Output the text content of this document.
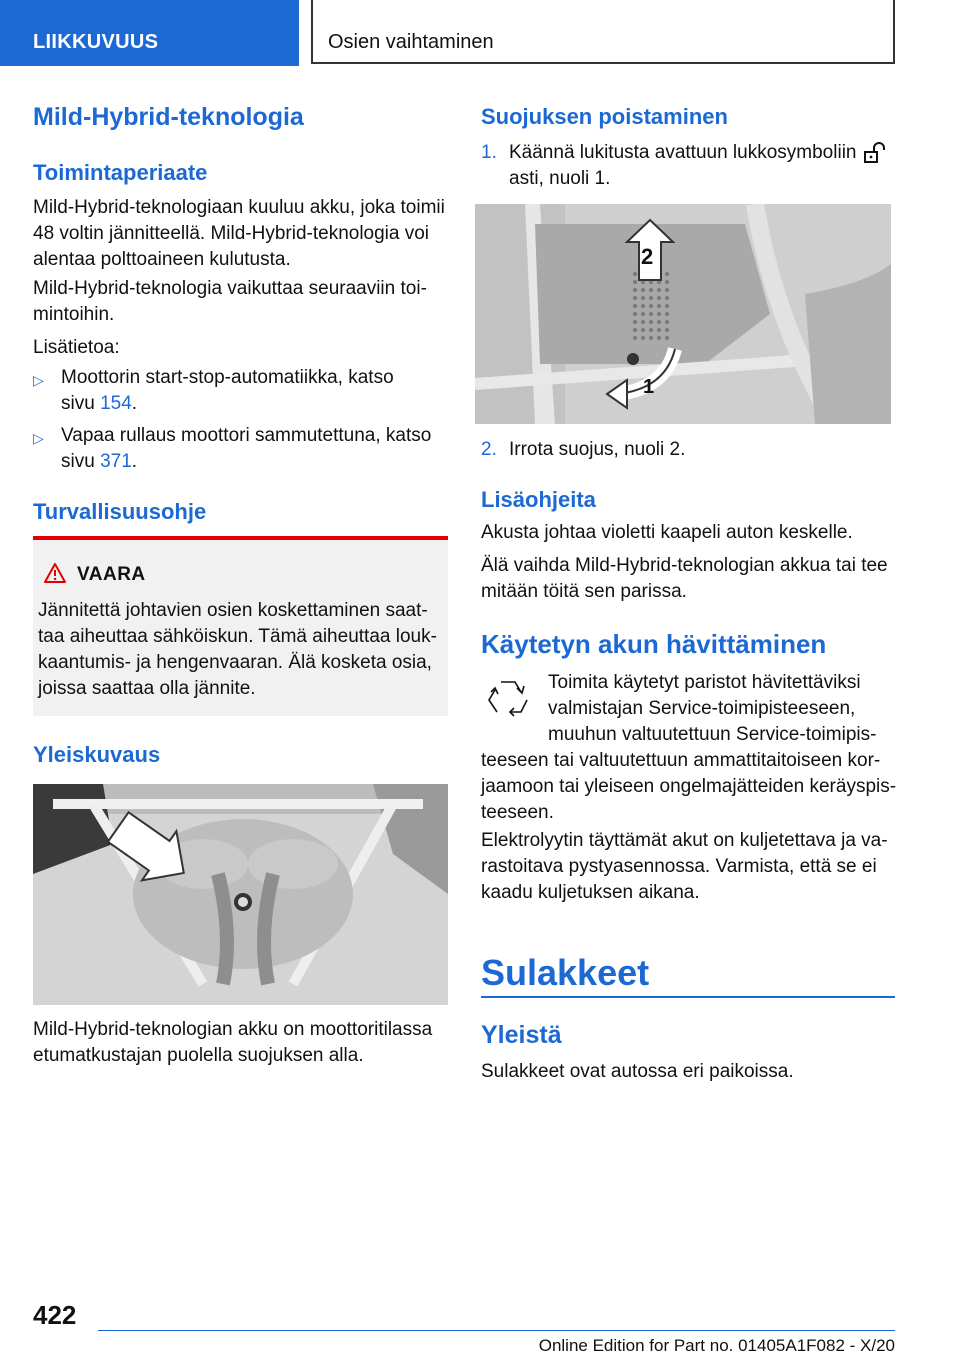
LIIKKUVUUS	Osien vaihtaminen
Mild-Hybrid-teknologia
Toimintaperiaate
Mild-Hybrid-teknologiaan kuuluu akku, joka toimii
48 voltin jännitteellä. Mild-Hybrid-teknologia voi
alentaa polttoaineen kulutusta.
Mild-Hybrid-teknologia vaikuttaa seuraaviin toi-
mintoihin.
Lisätietoa:
▷ Moottorin start-stop-automatiikka, katso
sivu 154.
▷ Vapaa rullaus moottori sammutettuna, katso
sivu 371.
Turvallisuusohje
VAARA
Jännitettä johtavien osien koskettaminen saat-
taa aiheuttaa sähköiskun. Tämä aiheuttaa louk-
kaantumis- ja hengenvaaran. Älä kosketa osia,
joissa saattaa olla jännite.
Yleiskuvaus
Mild-Hybrid-teknologian akku on moottoritilassa
etumatkustajan puolella suojuksen alla.
Suojuksen poistaminen
1. Käännä lukitusta avattuun lukkosymboliin
asti, nuoli 1.
2
1
2. Irrota suojus, nuoli 2.
Lisäohjeita
Akusta johtaa violetti kaapeli auton keskelle.
Älä vaihda Mild-Hybrid-teknologian akkua tai tee
mitään töitä sen parissa.
Käytetyn akun hävittäminen
Toimita käytetyt paristot hävitettäviksi
valmistajan Service-toimipisteeseen,
muuhun valtuutettuun Service-toimipis-
teeseen tai valtuutettuun ammattitaitoiseen kor-
jaamoon tai yleiseen ongelmajätteiden keräyspis-
teeseen.
Elektrolyytin täyttämät akut on kuljetettava ja va-
rastoitava pystyasennossa. Varmista, että se ei
kaadu kuljetuksen aikana.
Sulakkeet
Yleistä
Sulakkeet ovat autossa eri paikoissa.
422
Online Edition for Part no. 01405A1F082 - X/20
